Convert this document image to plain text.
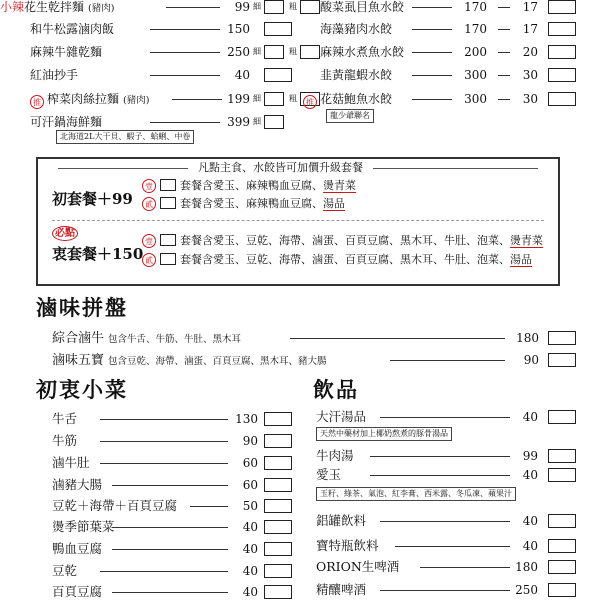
小辣花生乾拌麵 (豬肉)	99 細	粗
和牛松露滷肉飯	150
麻辣牛雜乾麵	250 細	粗
紅油抄手	40
推 榨菜肉絲拉麵 (豬肉)	199 細	粗
可汗鍋海鮮麵	399 細
北海道2L大干貝、蝦子、蛤蜊、中卷
酸菜虱目魚水餃	170	17
海藻豬肉水餃	170	17
麻辣水煮魚水餃	200	20
韭黃龍蝦水餃	300	30
推 花菇鮑魚水餃	300	30
龍少爺聯名
凡點主食、水餃皆可加價升級套餐
初套餐＋99
壹	套餐含愛玉、麻辣鴨血豆腐、燙青菜
貳	套餐含愛玉、麻辣鴨血豆腐、湯品
必點
衷套餐＋150
壹	套餐含愛玉、豆乾、海帶、滷蛋、百頁豆腐、黑木耳、牛肚、泡菜、燙青菜
貳	套餐含愛玉、豆乾、海帶、滷蛋、百頁豆腐、黑木耳、牛肚、泡菜、湯品
滷味拼盤
綜合滷牛 包含牛舌、牛筋、牛肚、黑木耳	180
滷味五寶 包含豆乾、海帶、滷蛋、百頁豆腐、黑木耳、豬大腸	90
初衷小菜
牛舌	130
牛筋	90
滷牛肚	60
滷豬大腸	60
豆乾＋海帶＋百頁豆腐	50
燙季節葉菜	40
鴨血豆腐	40
豆乾	40
百頁豆腐	40
飲品
大汗湯品	40
天然中藥材加上椰奶熬煮的豚骨湯品
牛肉湯	99
愛玉	40
玉籽、綠茶、氣泡、紅李膏、西米露、冬瓜凍、蘋果汁
鋁罐飲料	40
寶特瓶飲料	40
ORION生啤酒	180
精釀啤酒	250
